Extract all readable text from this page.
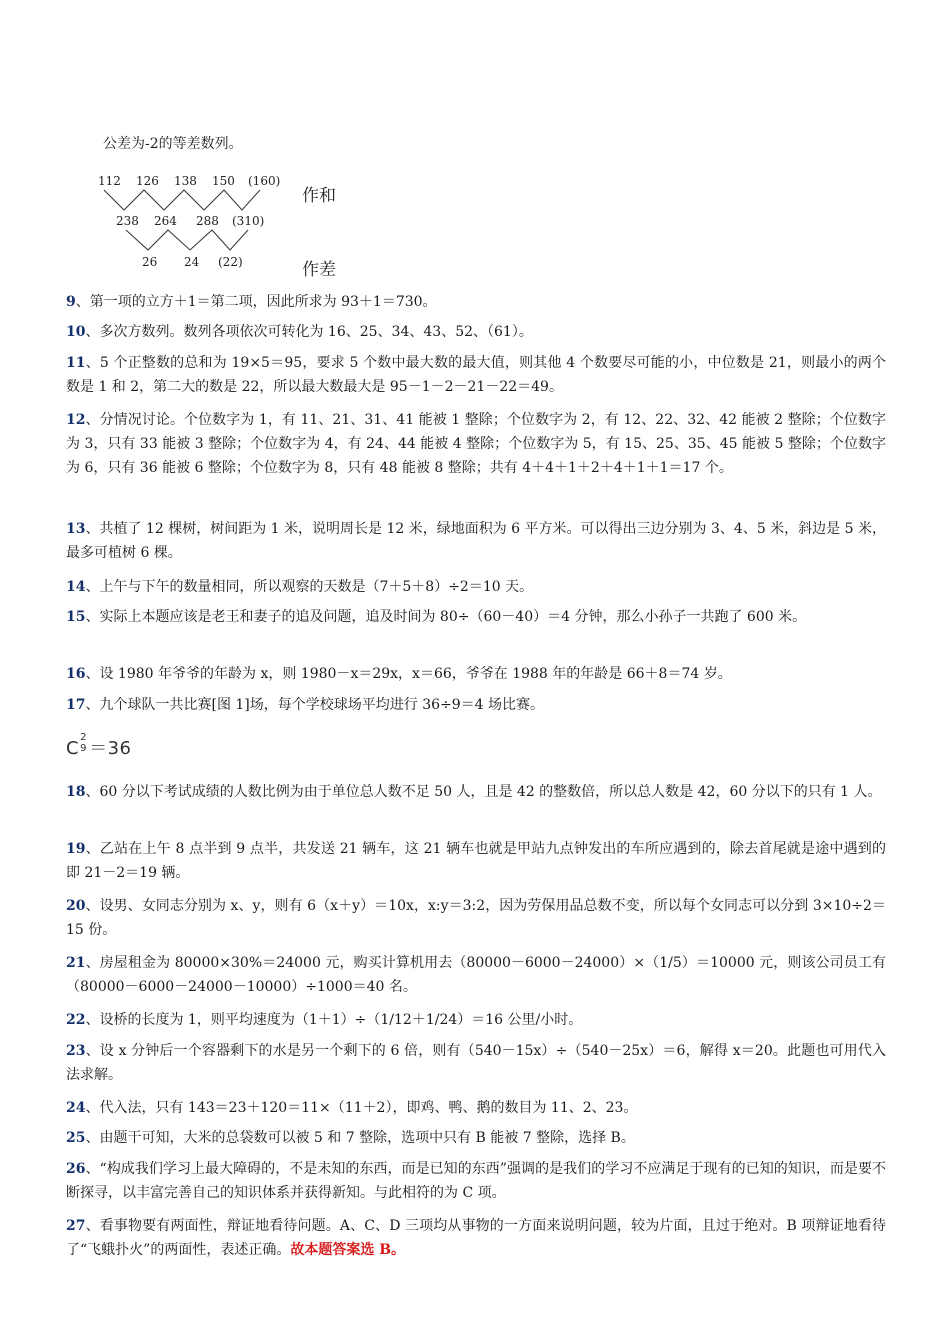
公差为-2的等差数列。
112 126 138 150 (160)
238 264 288 (310)
26 24 (22)
作和
作差
9、第一项的立方＋1＝第二项，因此所求为 93＋1＝730。
10、多次方数列。数列各项依次可转化为 16、25、34、43、52、（61）。
11、5 个正整数的总和为 19×5＝95，要求 5 个数中最大数的最大值，则其他 4 个数要尽可能的小，中位数是 21，则最小的两个数是 1 和 2，第二大的数是 22，所以最大数最大是 95－1－2－21－22＝49。
12、分情况讨论。个位数字为 1，有 11、21、31、41 能被 1 整除；个位数字为 2，有 12、22、32、42 能被 2 整除；个位数字为 3，只有 33 能被 3 整除；个位数字为 4，有 24、44 能被 4 整除；个位数字为 5，有 15、25、35、45 能被 5 整除；个位数字为 6，只有 36 能被 6 整除；个位数字为 8，只有 48 能被 8 整除；共有 4＋4＋1＋2＋4＋1＋1＝17 个。
13、共植了 12 棵树，树间距为 1 米，说明周长是 12 米，绿地面积为 6 平方米。可以得出三边分别为 3、4、5 米，斜边是 5 米，最多可植树 6 棵。
14、上午与下午的数量相同，所以观察的天数是（7＋5＋8）÷2＝10 天。
15、实际上本题应该是老王和妻子的追及问题，追及时间为 80÷（60－40）＝4 分钟，那么小孙子一共跑了 600 米。
16、设 1980 年爷爷的年龄为 x，则 1980－x＝29x，x＝66，爷爷在 1988 年的年龄是 66＋8＝74 岁。
17、九个球队一共比赛[图 1]场，每个学校球场平均进行 36÷9＝4 场比赛。
C
2
9 ＝36
18、60 分以下考试成绩的人数比例为由于单位总人数不足 50 人，且是 42 的整数倍，所以总人数是 42，60 分以下的只有 1 人。
19、乙站在上午 8 点半到 9 点半，共发送 21 辆车，这 21 辆车也就是甲站九点钟发出的车所应遇到的，除去首尾就是途中遇到的即 21－2＝19 辆。
20、设男、女同志分别为 x、y，则有 6（x＋y）＝10x，x:y＝3:2，因为劳保用品总数不变，所以每个女同志可以分到 3×10÷2＝15 份。
21、房屋租金为 80000×30%＝24000 元，购买计算机用去（80000－6000－24000）×（1/5）＝10000 元，则该公司员工有（80000－6000－24000－10000）÷1000＝40 名。
22、设桥的长度为 1，则平均速度为（1＋1）÷（1/12＋1/24）＝16 公里/小时。
23、设 x 分钟后一个容器剩下的水是另一个剩下的 6 倍，则有（540－15x）÷（540－25x）＝6，解得 x＝20。此题也可用代入法求解。
24、代入法，只有 143＝23＋120＝11×（11＋2），即鸡、鸭、鹅的数目为 11、2、23。
25、由题干可知，大米的总袋数可以被 5 和 7 整除，选项中只有 B 能被 7 整除，选择 B。
26、“构成我们学习上最大障碍的，不是未知的东西，而是已知的东西”强调的是我们的学习不应满足于现有的已知的知识，而是要不断探寻，以丰富完善自己的知识体系并获得新知。与此相符的为 C 项。
27、看事物要有两面性，辩证地看待问题。A、C、D 三项均从事物的一方面来说明问题，较为片面，且过于绝对。B 项辩证地看待了“飞蛾扑火”的两面性，表述正确。故本题答案选 B。
